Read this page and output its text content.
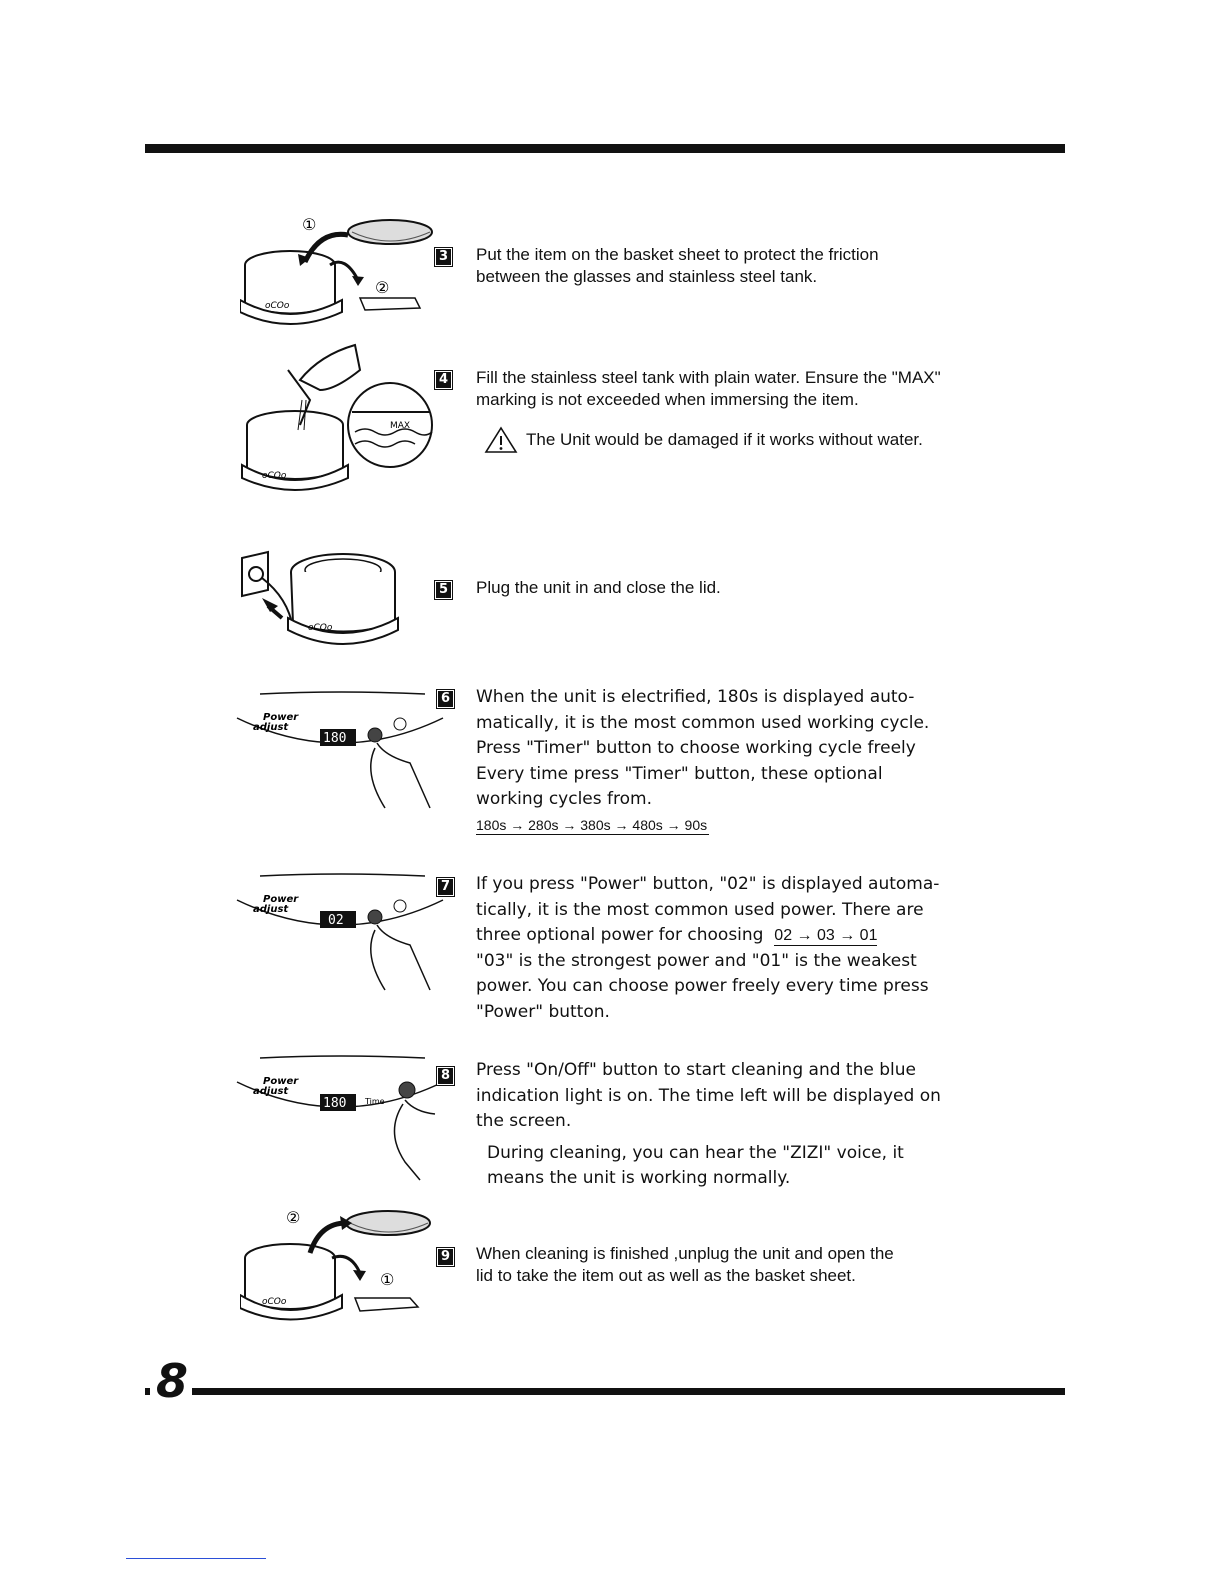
oCOo
①
②
3 Put the item on the basket sheet to protect the friction
between the glasses and stainless steel tank.
MAX
oCOo
4 Fill the stainless steel tank with plain water. Ensure the "MAX"
marking is not exceeded when immersing the item.
The Unit would be damaged if it works without water.
oCOo
5 Plug the unit in and close the lid.
Power
adjust
180
6 When the unit is electrified, 180s is displayed auto-
matically, it is the most common used working cycle.
Press "Timer" button to choose working cycle freely
Every time press "Timer" button, these optional
working cycles from.
180s → 280s → 380s → 480s → 90s
Power
adjust
02
7 If you press "Power" button, "02" is displayed automa-
tically, it is the most common used power. There are
three optional power for choosing 02 → 03 → 01
"03" is the strongest power and "01" is the weakest
power. You can choose power freely every time press
"Power" button.
Power
adjust
180 Time
8 Press "On/Off" button to start cleaning and the blue
indication light is on. The time left will be displayed on
the screen.
During cleaning, you can hear the "ZIZI" voice, it
means the unit is working normally.
oCOo
②
①
9 When cleaning is finished ,unplug the unit and open the
lid to take the item out as well as the basket sheet.
8
